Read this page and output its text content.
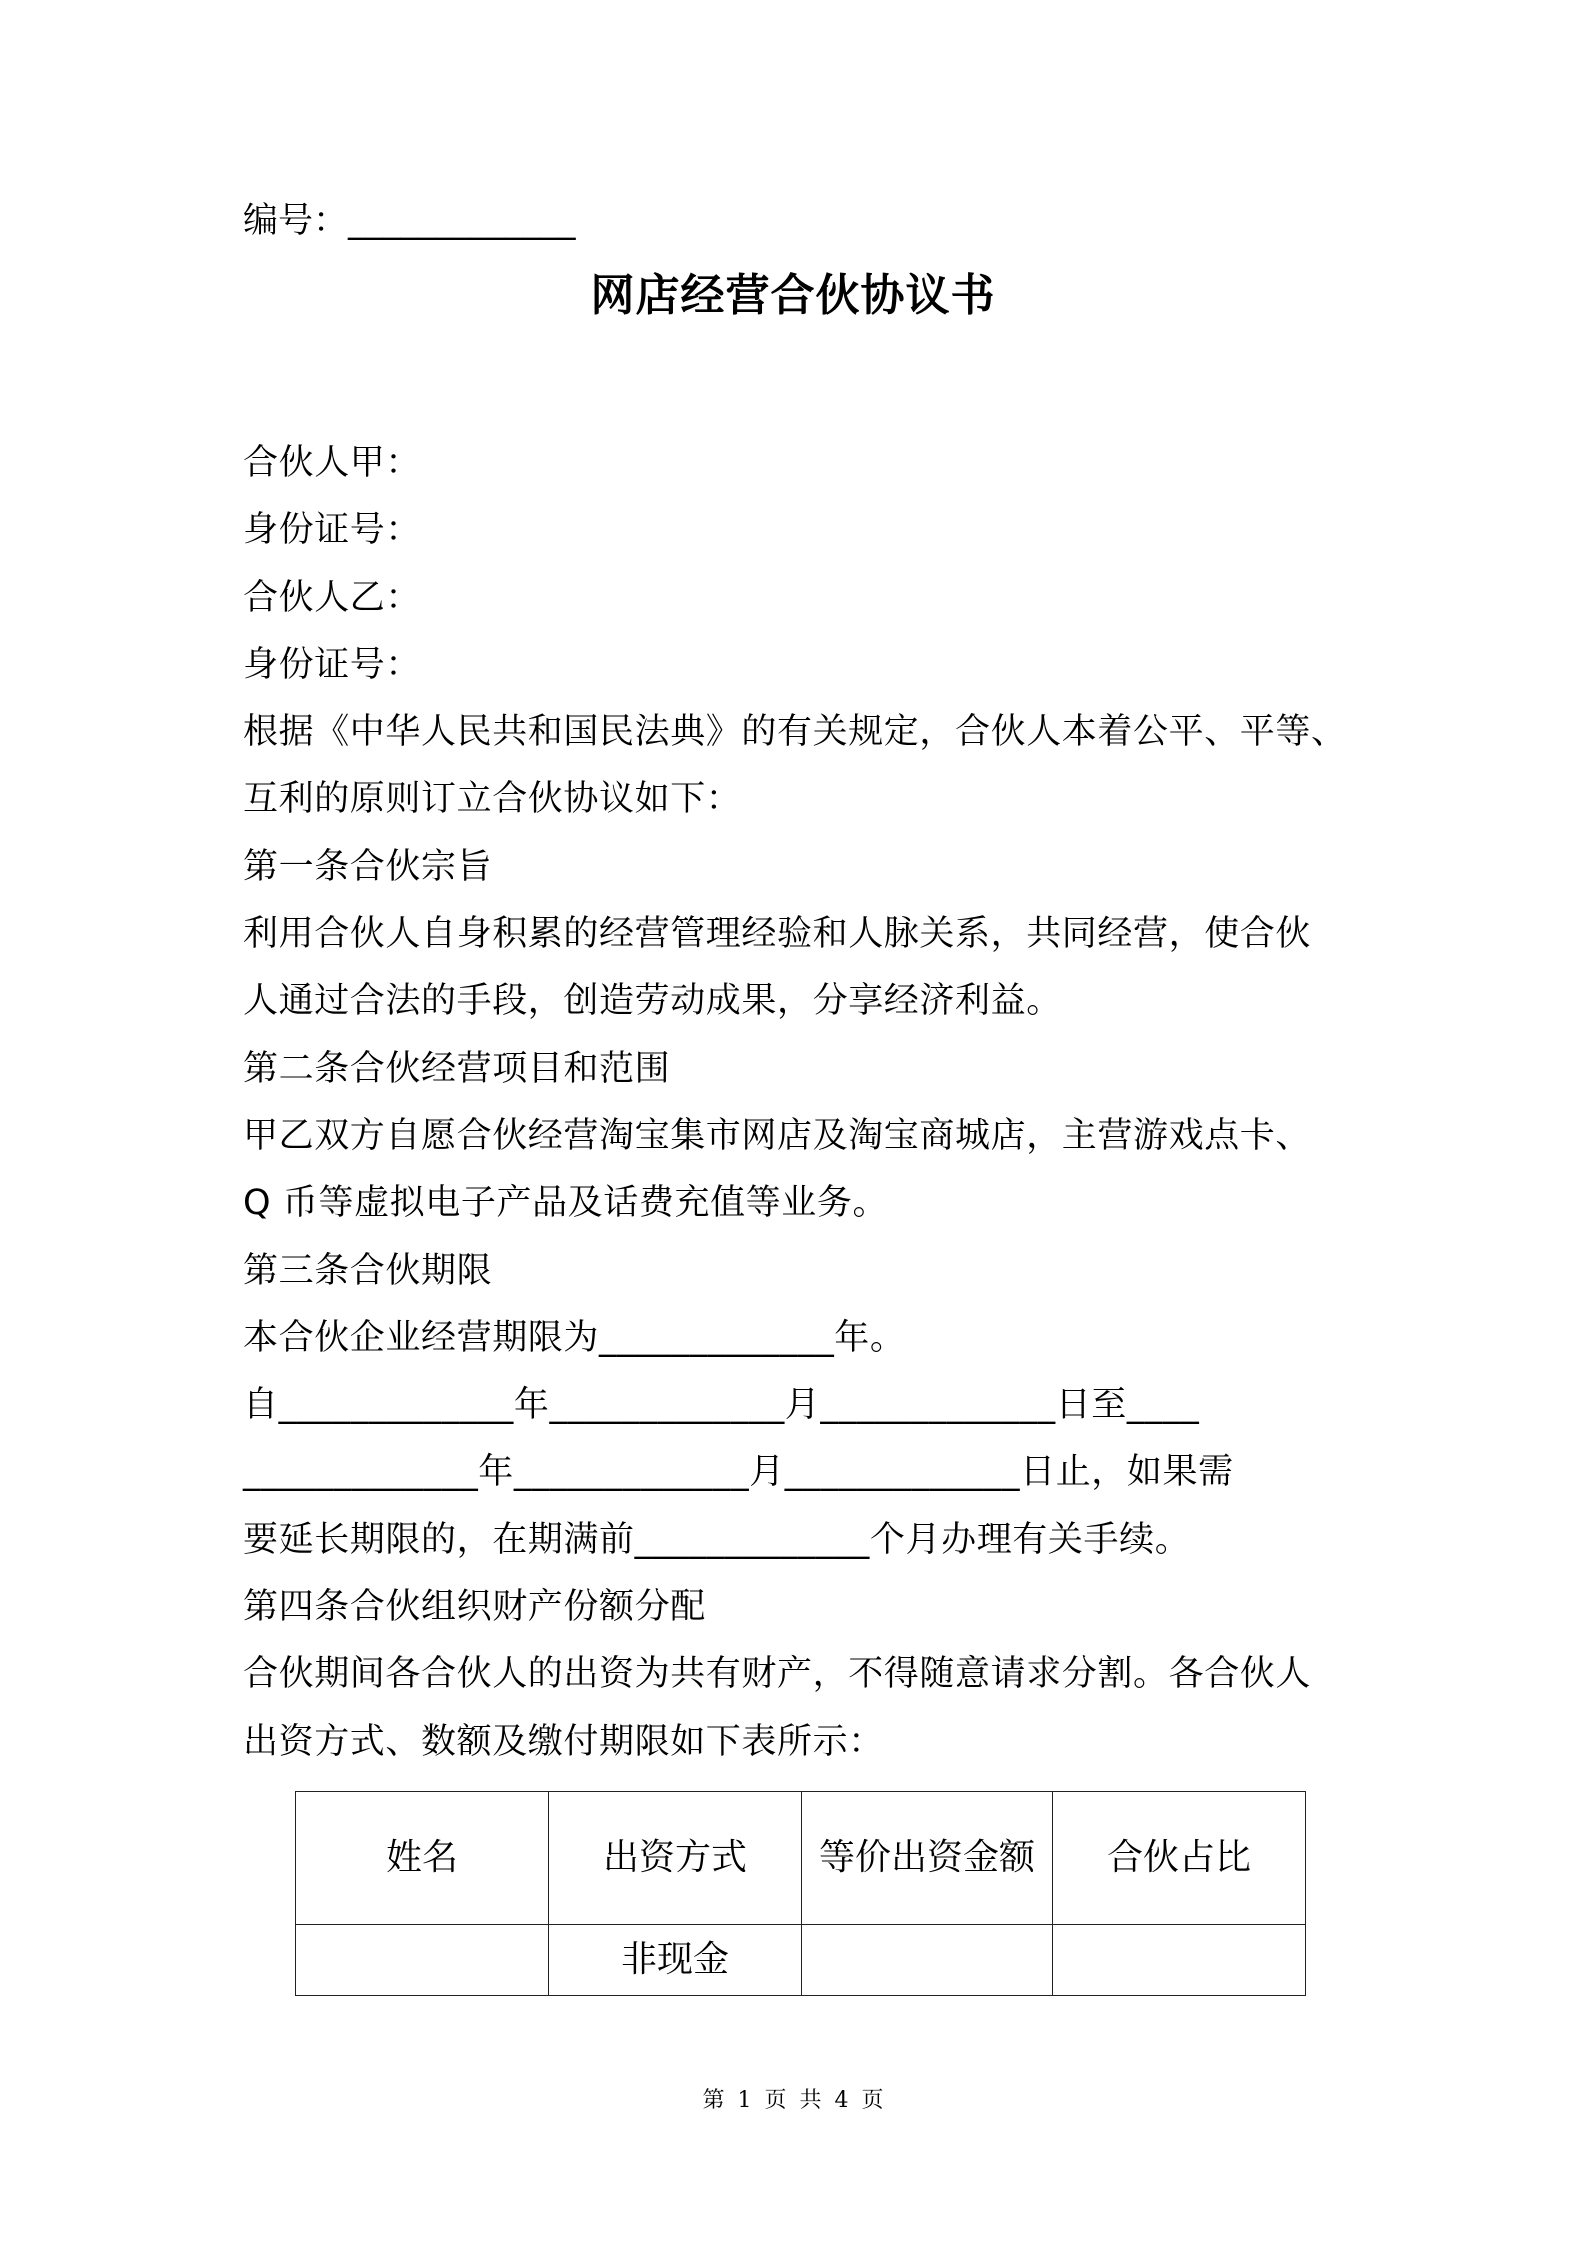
编号：_____________
网店经营合伙协议书
合伙人甲：
身份证号：
合伙人乙：
身份证号：
根据《中华人民共和国民法典》的有关规定，合伙人本着公平、平等、
互利的原则订立合伙协议如下：
第一条合伙宗旨
利用合伙人自身积累的经营管理经验和人脉关系，共同经营，使合伙
人通过合法的手段，创造劳动成果，分享经济利益。
第二条合伙经营项目和范围
甲乙双方自愿合伙经营淘宝集市网店及淘宝商城店，主营游戏点卡、
Q 币等虚拟电子产品及话费充值等业务。
第三条合伙期限
本合伙企业经营期限为_____________年。
自_____________年_____________月_____________日至____
_____________年_____________月_____________日止，如果需
要延长期限的，在期满前_____________个月办理有关手续。
第四条合伙组织财产份额分配
合伙期间各合伙人的出资为共有财产，不得随意请求分割。各合伙人
出资方式、数额及缴付期限如下表所示：
姓名	出资方式	等价出资金额	合伙占比
	非现金		
第 1 页 共 4 页
